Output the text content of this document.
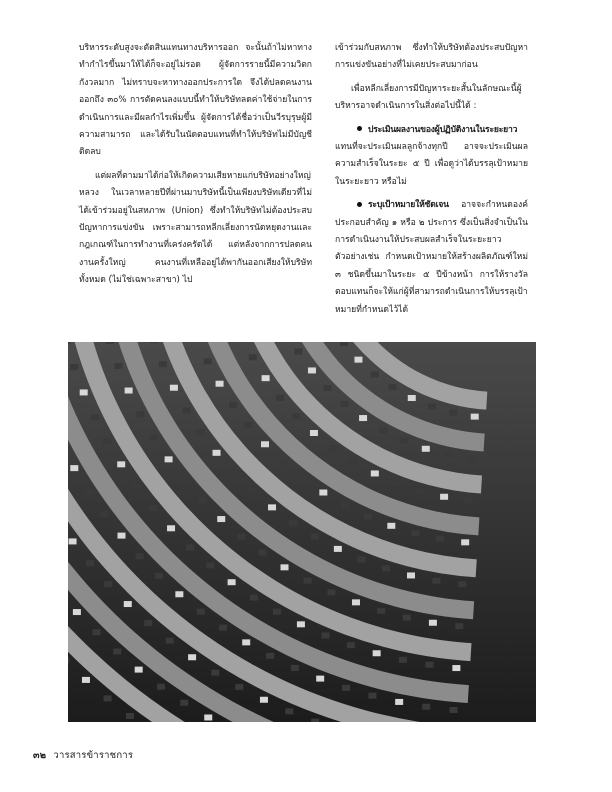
บริหารระดับสูงจะตัดสินแทนทางบริหารออก จะนั้นถ้าไม่หาทางทำกำไรขึ้นมาให้ได้ก็จะอยู่ไม่รอด ผู้จัดการรายนี้มีความวิตกกังวลมาก ไม่ทราบจะหาทางออกประการใด จึงได้ปลดคนงานออกถึง ๓๐% การตัดคนลงแบบนี้ทำให้บริษัทลดค่าใช้จ่ายในการดำเนินการและมีผลกำไรเพิ่มขึ้น ผู้จัดการได้ชื่อว่าเป็นวีรบุรุษผู้มีความสามารถ และได้รับในนัดตอบแทนที่ทำให้บริษัทไม่มีบัญชีติดลบ

แต่ผลที่ตามมาได้ก่อให้เกิดความเสียหายแก่บริษัทอย่างใหญ่หลวง ในเวลาหลายปีที่ผ่านมาบริษัทนี้เป็นเพียงบริษัทเดียวที่ไม่ได้เข้าร่วมอยู่ในสหภาพ (Union) ซึ่งทำให้บริษัทไม่ต้องประสบปัญหาการแข่งขัน เพราะสามารถหลีกเลี่ยงการนัดหยุดงานและกฎเกณฑ์ในการทำงานที่เคร่งครัดได้ แต่หลังจากการปลดคนงานครั้งใหญ่ คนงานที่เหลืออยู่ได้พากันออกเสียงให้บริษัททั้งหมด (ไม่ใช่เฉพาะสาขา) ไป

เข้าร่วมกับสหภาพ ซึ่งทำให้บริษัทต้องประสบปัญหาการแข่งขันอย่างที่ไม่เคยประสบมาก่อน

เพื่อหลีกเลี่ยงการมีปัญหาระยะสั้นในลักษณะนี้ผู้บริหารอาจดำเนินการในสิ่งต่อไปนี้ได้ :

ประเมินผลงานของผู้ปฏิบัติงานในระยะยาว แทนที่จะประเมินผลลูกจ้างทุกปี อาจจะประเมินผลความสำเร็จในระยะ ๕ ปี เพื่อดูว่าได้บรรลุเป้าหมายในระยะยาว หรือไม่

ระบุเป้าหมายให้ชัดเจน อาจจะกำหนดองค์ประกอบสำคัญ ๑ หรือ ๒ ประการ ซึ่งเป็นสิ่งจำเป็นในการดำเนินงานให้ประสบผลสำเร็จในระยะยาว ตัวอย่างเช่น กำหนดเป้าหมายให้สร้างผลิตภัณฑ์ใหม่ ๓ ชนิดขึ้นมาในระยะ ๕ ปีข้างหน้า การให้รางวัลตอบแทนก็จะให้แก่ผู้ที่สามารถดำเนินการให้บรรลุเป้าหมายที่กำหนดไว้ได้

๓๒ วารสารข้าราชการ
